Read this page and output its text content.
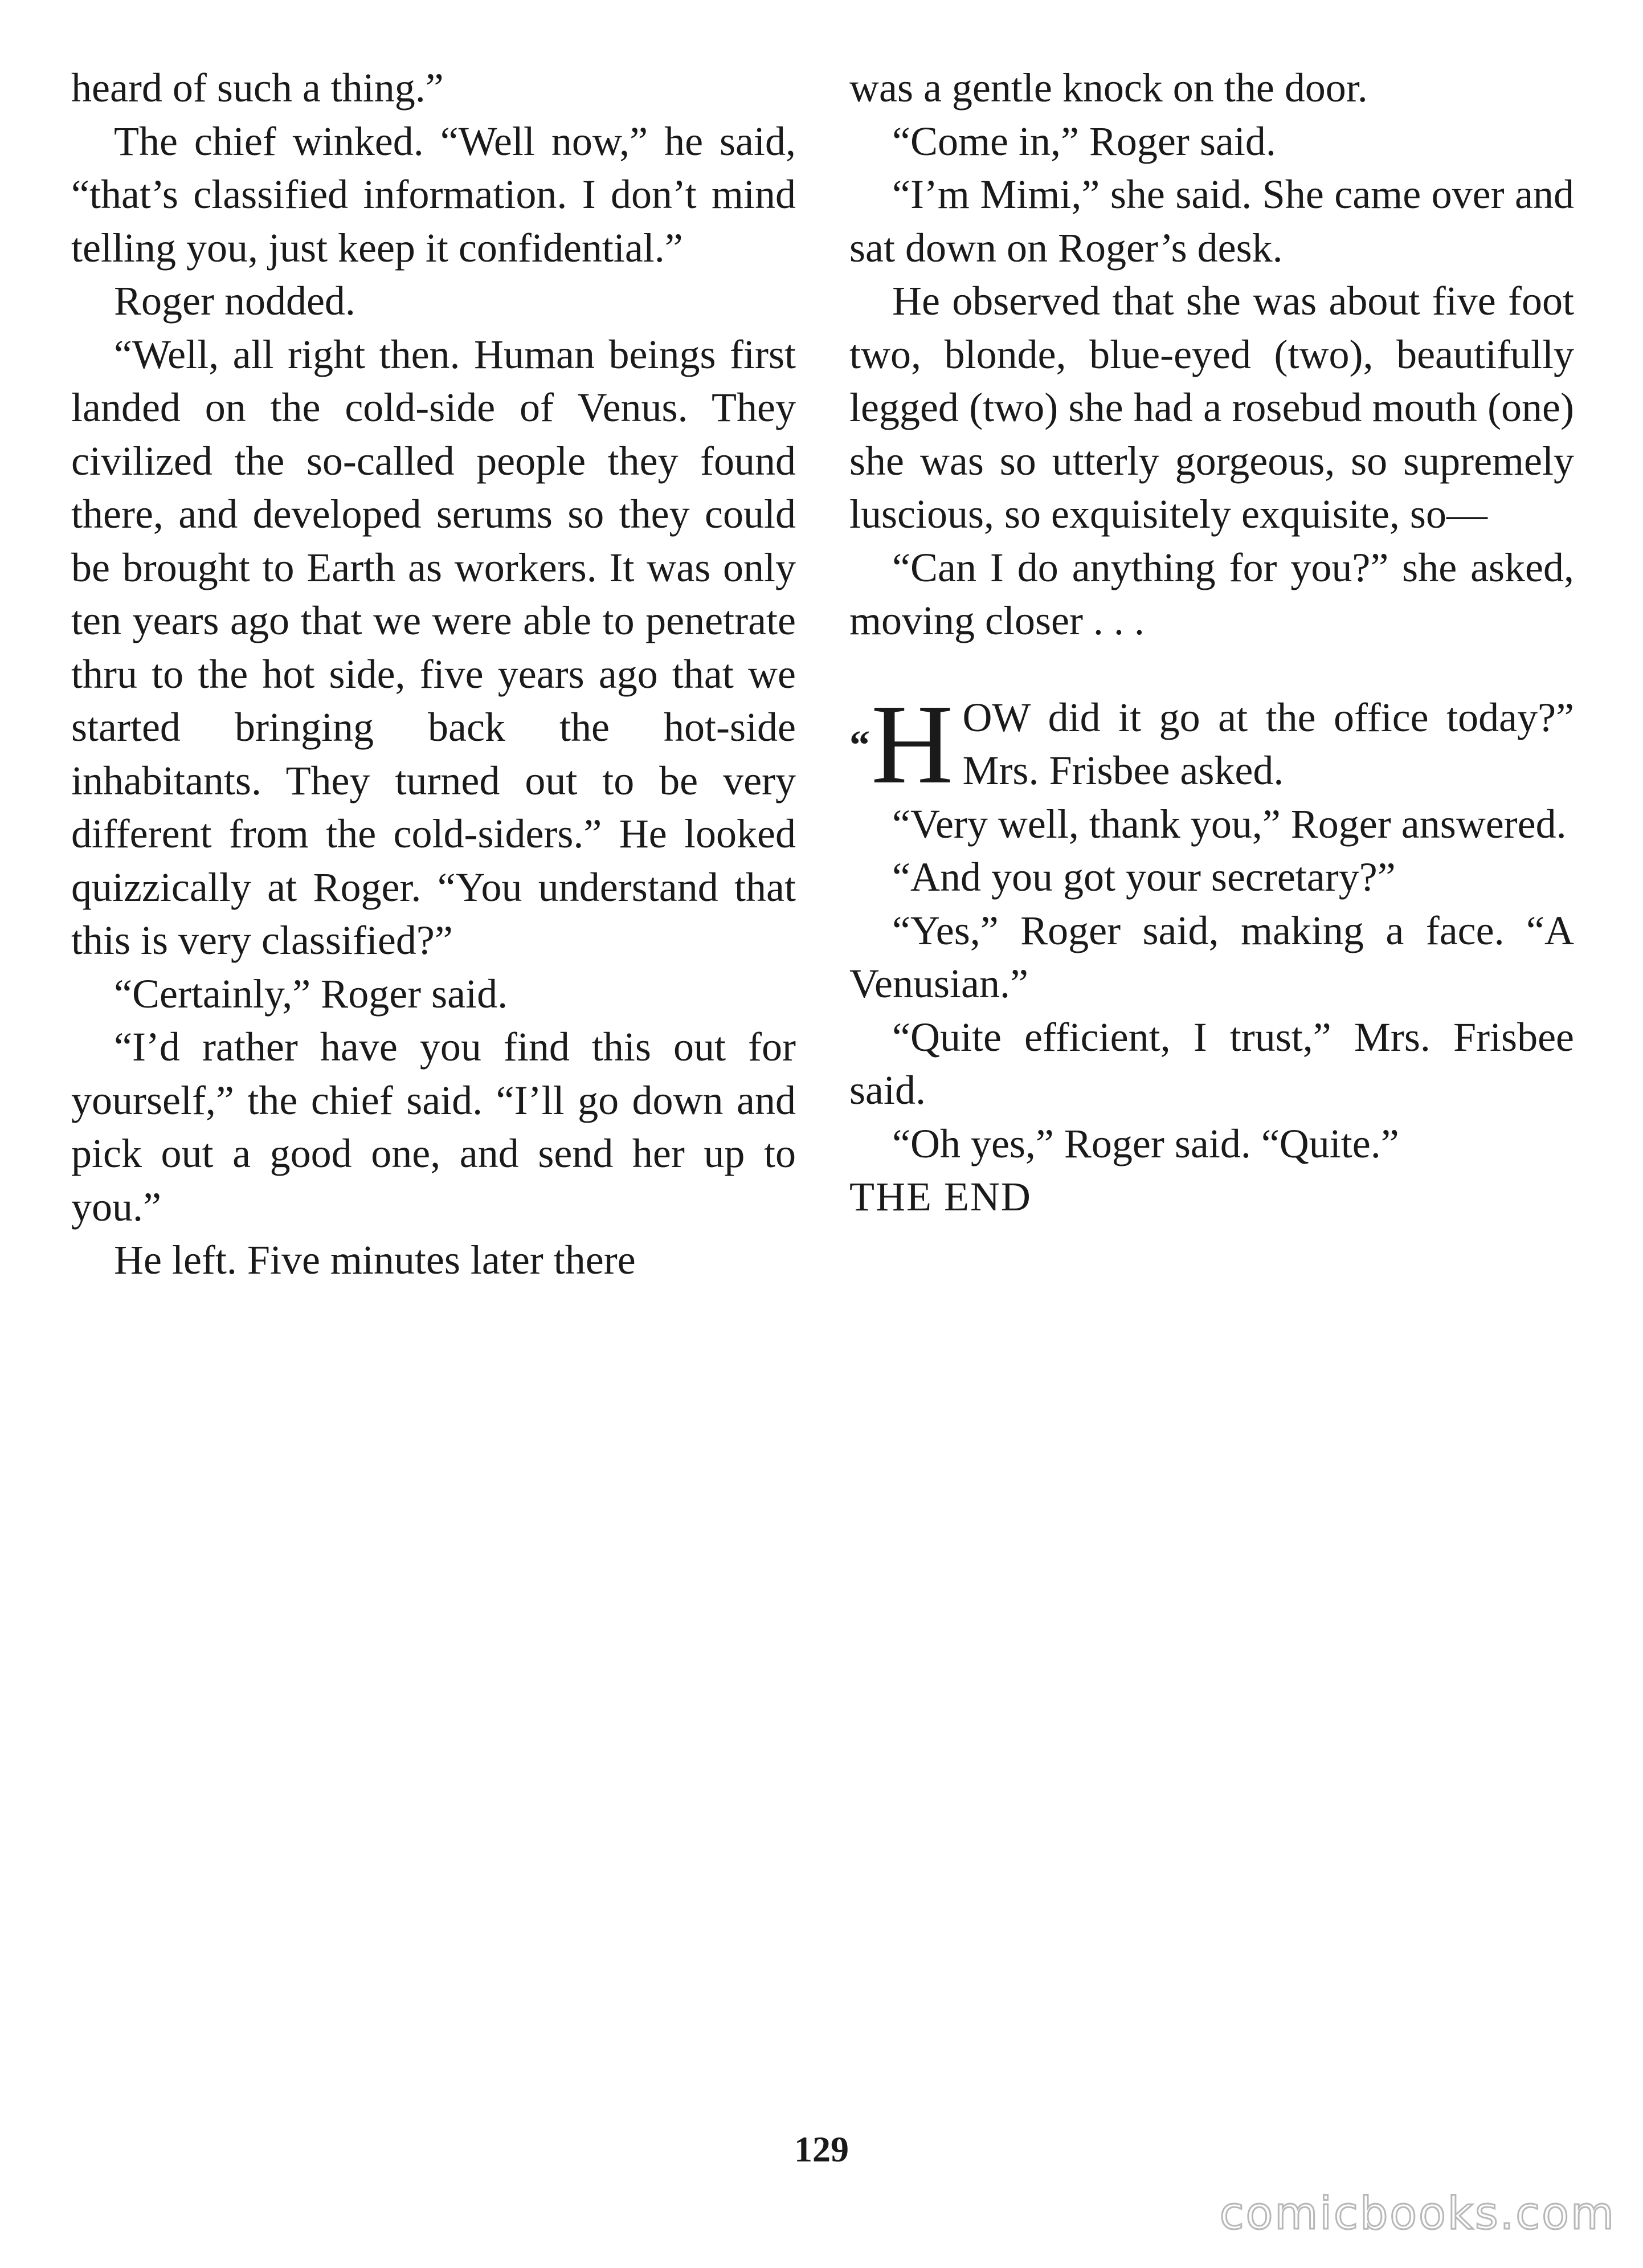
heard of such a thing.”

The chief winked. “Well now,” he said, “that’s classified information. I don’t mind telling you, just keep it confidential.”

Roger nodded.

“Well, all right then. Human beings first landed on the cold-side of Venus. They civilized the so-called people they found there, and developed serums so they could be brought to Earth as workers. It was only ten years ago that we were able to penetrate thru to the hot side, five years ago that we started bringing back the hot-side inhabitants. They turned out to be very different from the cold-siders.” He looked quizzically at Roger. “You understand that this is very classified?”

“Certainly,” Roger said.

“I’d rather have you find this out for yourself,” the chief said. “I’ll go down and pick out a good one, and send her up to you.”

He left. Five minutes later there

was a gentle knock on the door.

“Come in,” Roger said.

“I’m Mimi,” she said. She came over and sat down on Roger’s desk.

He observed that she was about five foot two, blonde, blue-eyed (two), beautifully legged (two) she had a rosebud mouth (one) she was so utterly gorgeous, so supremely luscious, so exquisitely exquisite, so—

“Can I do anything for you?” she asked, moving closer . . .

“H OW did it go at the office today?” Mrs. Frisbee asked.

“Very well, thank you,” Roger answered.

“And you got your secretary?”

“Yes,” Roger said, making a face. “A Venusian.”

“Quite efficient, I trust,” Mrs. Frisbee said.

“Oh yes,” Roger said. “Quite.”

THE END

129
comicbooks.com
